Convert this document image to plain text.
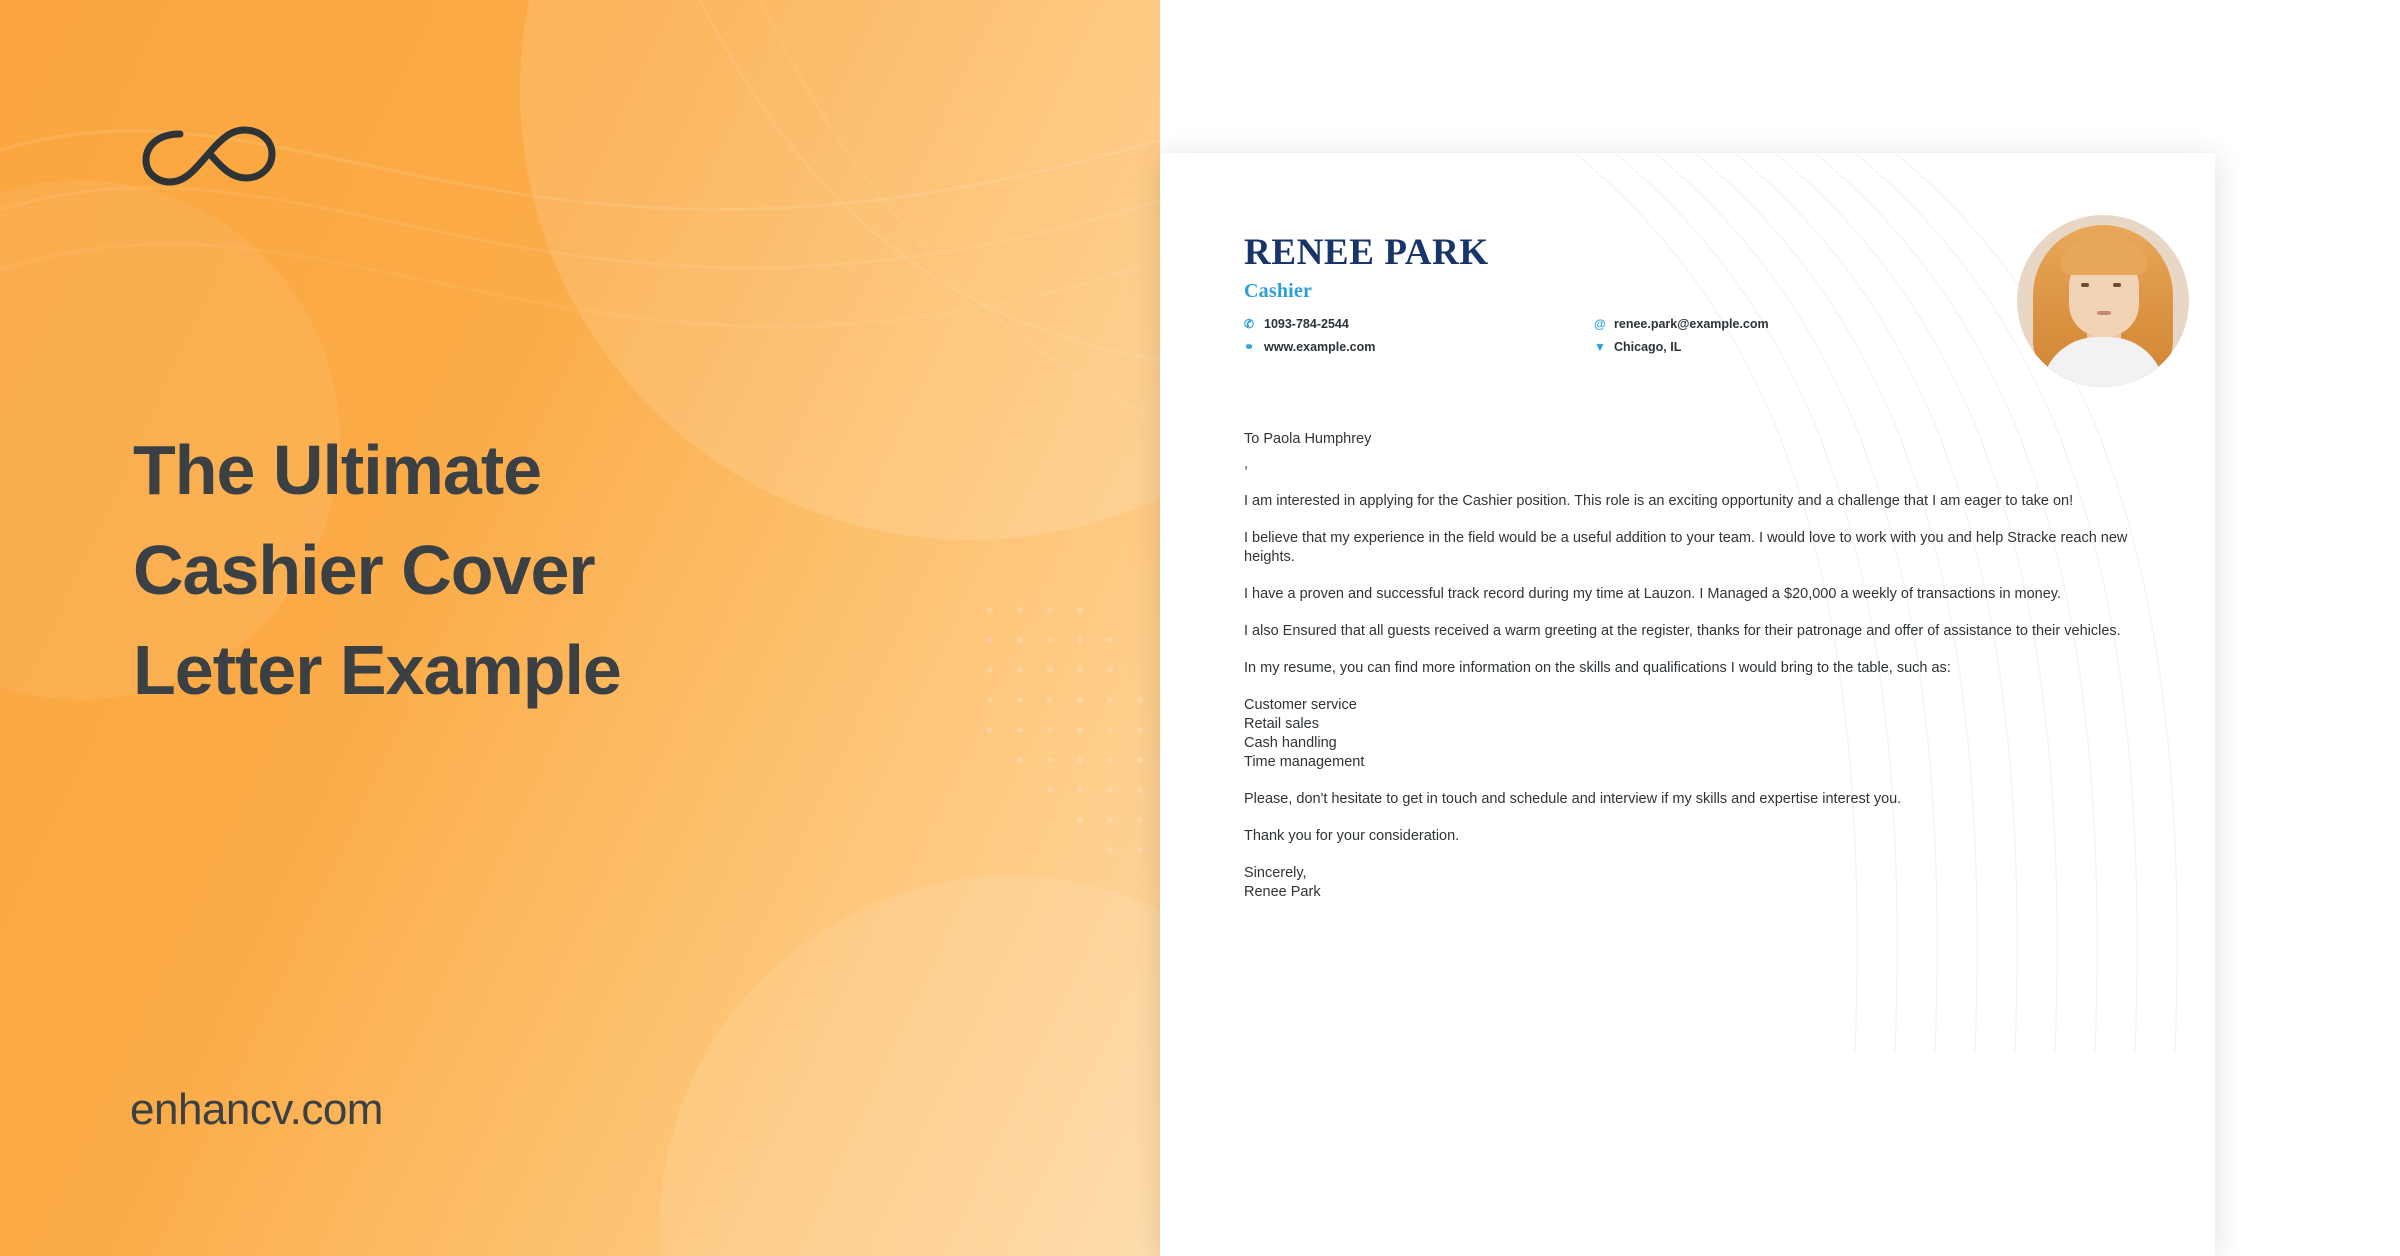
The Ultimate
Cashier Cover
Letter Example
enhancv.com
RENEE PARK
Cashier
✆ 1093-784-2544	@ renee.park@example.com
⚭ www.example.com	▼ Chicago, IL
To Paola Humphrey
,
I am interested in applying for the Cashier position. This role is an exciting opportunity and a challenge that I am eager to take on!
I believe that my experience in the field would be a useful addition to your team. I would love to work with you and help Stracke reach new heights.
I have a proven and successful track record during my time at Lauzon. I Managed a $20,000 a weekly of transactions in money.
I also Ensured that all guests received a warm greeting at the register, thanks for their patronage and offer of assistance to their vehicles.
In my resume, you can find more information on the skills and qualifications I would bring to the table, such as:
Customer service
Retail sales
Cash handling
Time management
Please, don't hesitate to get in touch and schedule and interview if my skills and expertise interest you.
Thank you for your consideration.
Sincerely,
Renee Park
